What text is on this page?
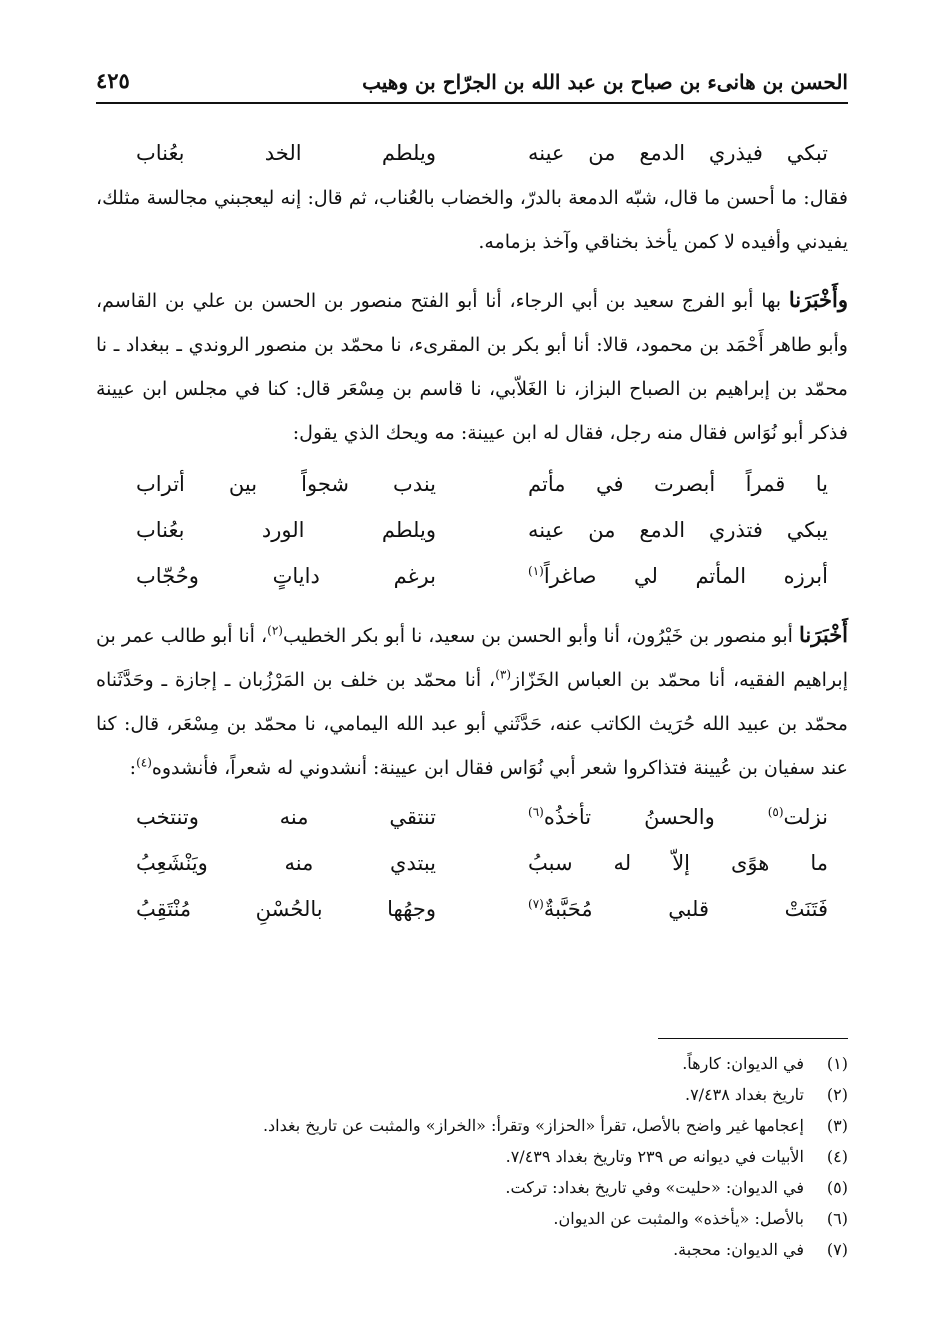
الحسن بن هانىء بن صباح بن عبد الله بن الجرّاح بن وهيب
٤٢٥
تبكي فيذري الدمع من عينه
ويلطم الخد بعُناب

فقال: ما أحسن ما قال، شبّه الدمعة بالدرّ، والخضاب بالعُناب، ثم قال: إنه ليعجبني مجالسة مثلك، يفيدني وأفيده لا كمن يأخذ بخناقي وآخذ بزمامه.

وأَخْبَرَنا بها أبو الفرج سعيد بن أبي الرجاء، أنا أبو الفتح منصور بن الحسن بن علي بن القاسم، وأبو طاهر أَحْمَد بن محمود، قالا: أنا أبو بكر بن المقرىء، نا محمّد بن منصور الروندي ـ ببغداد ـ نا محمّد بن إبراهيم بن الصباح البزاز، نا الغَلاّبي، نا قاسم بن مِسْعَر قال: كنا في مجلس ابن عيينة فذكر أبو نُوَاس فقال منه رجل، فقال له ابن عيينة: مه ويحك الذي يقول:

يا قمراً أبصرت في مأتم
يندب شجواً بين أتراب
يبكي فتذري الدمع من عينه
ويلطم الورد بعُناب
أبرزه المأتم لي صاغراً$^{(١)}$
برغم داياتٍ وحُجّاب

أَخْبَرَنا أبو منصور بن خَيْرُون، أنا وأبو الحسن بن سعيد، نا أبو بكر الخطيب$^{(٢)}$، أنا أبو طالب عمر بن إبراهيم الفقيه، أنا محمّد بن العباس الخَزّاز$^{(٣)}$، أنا محمّد بن خلف بن المَرْزُبان ـ إجازة ـ وحَدَّثَناه محمّد بن عبيد الله حُرَيث الكاتب عنه، حَدَّثَني أبو عبد الله اليمامي، نا محمّد بن مِسْعَر، قال: كنا عند سفيان بن عُيينة فتذاكروا شعر أبي نُوَاس فقال ابن عيينة: أنشدوني له شعراً، فأنشدوه$^{(٤)}$:

نزلت$^{(٥)}$ والحسنُ تأخذُه$^{(٦)}$
تنتقي منه وتنتخب
ما هوًى إلاّ له سببُ
يبتدي منه ويَنْشَعِبُ
فَتَنَتْ قلبي مُحَبَّبةٌ$^{(٧)}$
وجهُها بالحُسْنِ مُنْتَقِبُ
(١)في الديوان: كارهاً.
(٢)تاريخ بغداد ٧/٤٣٨.
(٣)إعجامها غير واضح بالأصل، تقرأ «الحزاز» وتقرأ: «الخراز» والمثبت عن تاريخ بغداد.
(٤)الأبيات في ديوانه ص ٢٣٩ وتاريخ بغداد ٧/٤٣٩.
(٥)في الديوان: «حليت» وفي تاريخ بغداد: تركت.
(٦)بالأصل: «يأخذه» والمثبت عن الديوان.
(٧)في الديوان: محجبة.
